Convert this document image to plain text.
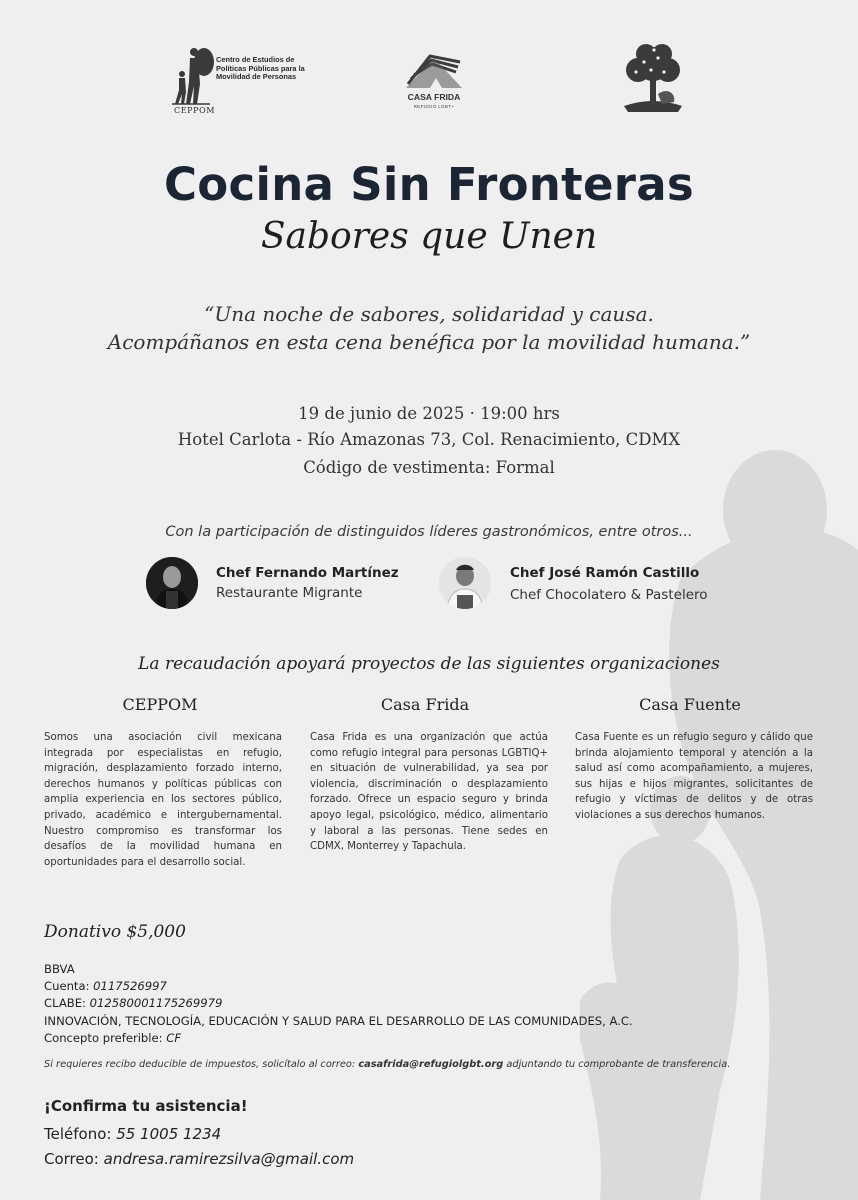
Centro de Estudios de Políticas Públicas para la Movilidad de Personas
CEPPOM
CASA FRIDA
REFUGIO LGBT+
Cocina Sin Fronteras
Sabores que Unen
“Una noche de sabores, solidaridad y causa.
Acompáñanos en esta cena benéfica por la movilidad humana.”
19 de junio de 2025 · 19:00 hrs
Hotel Carlota - Río Amazonas 73, Col. Renacimiento, CDMX
Código de vestimenta: Formal
Con la participación de distinguidos líderes gastronómicos, entre otros...
Chef Fernando Martínez
Restaurante Migrante
Chef José Ramón Castillo
Chef Chocolatero & Pastelero
La recaudación apoyará proyectos de las siguientes organizaciones
CEPPOM	Casa Frida	Casa Fuente
Somos una asociación civil mexicana integrada por especialistas en refugio, migración, desplazamiento forzado interno, derechos humanos y políticas públicas con amplia experiencia en los sectores público, privado, académico e intergubernamental. Nuestro compromiso es transformar los desafíos de la movilidad humana en oportunidades para el desarrollo social.
Casa Frida es una organización que actúa como refugio integral para personas LGBTIQ+ en situación de vulnerabilidad, ya sea por violencia, discriminación o desplazamiento forzado. Ofrece un espacio seguro y brinda apoyo legal, psicológico, médico, alimentario y laboral a las personas. Tiene sedes en CDMX, Monterrey y Tapachula.
Casa Fuente es un refugio seguro y cálido que brinda alojamiento temporal y atención a la salud así como acompañamiento, a mujeres, sus hijas e hijos migrantes, solicitantes de refugio y víctimas de delitos y de otras violaciones a sus derechos humanos.
Donativo $5,000
BBVA
Cuenta: 0117526997
CLABE: 012580001175269979
INNOVACIÓN, TECNOLOGÍA, EDUCACIÓN Y SALUD PARA EL DESARROLLO DE LAS COMUNIDADES, A.C.
Concepto preferible: CF
Si requieres recibo deducible de impuestos, solicítalo al correo: casafrida@refugiolgbt.org adjuntando tu comprobante de transferencia.
¡Confirma tu asistencia!
Teléfono: 55 1005 1234
Correo: andresa.ramirezsilva@gmail.com
